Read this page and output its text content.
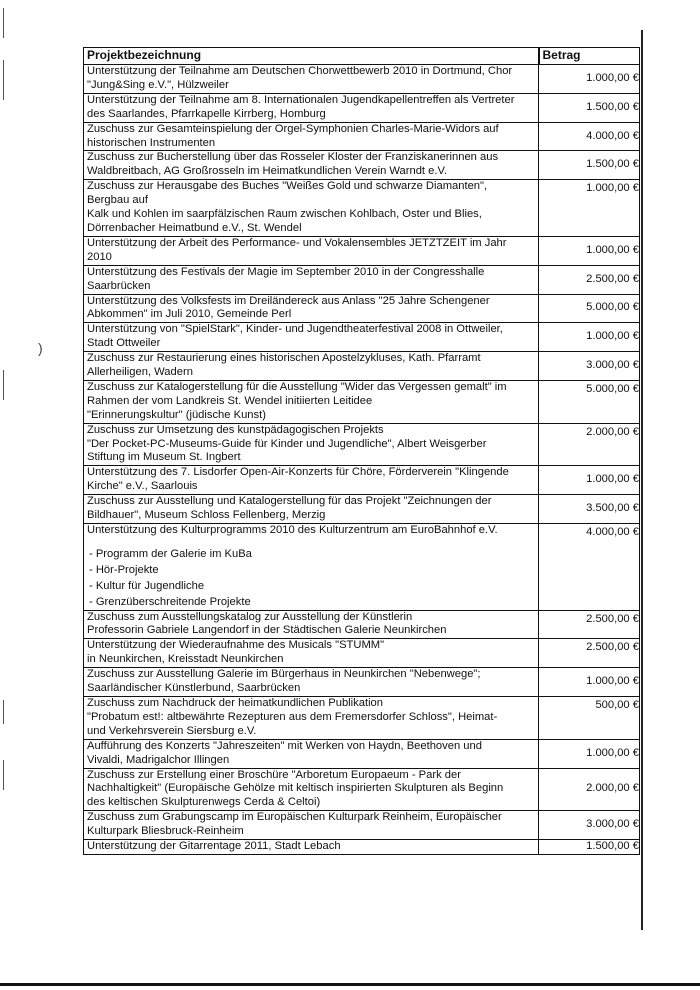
)
Projektbezeichnung	Betrag

Unterstützung der Teilnahme am Deutschen Chorwettbewerb 2010 in Dortmund, Chor
"Jung&Sing e.V.", Hülzweiler	1.000,00 €

Unterstützung der Teilnahme am 8. Internationalen Jugendkapellentreffen als Vertreter
des Saarlandes, Pfarrkapelle Kirrberg, Homburg	1.500,00 €

Zuschuss zur Gesamteinspielung der Orgel-Symphonien Charles-Marie-Widors auf
historischen Instrumenten	4.000,00 €

Zuschuss zur Bucherstellung über das Rosseler Kloster der Franziskanerinnen aus
Waldbreitbach, AG Großrosseln im Heimatkundlichen Verein Warndt e.V.	1.500,00 €

Zuschuss zur Herausgabe des Buches "Weißes Gold und schwarze Diamanten",
Bergbau auf
Kalk und Kohlen im saarpfälzischen Raum zwischen Kohlbach, Oster und Blies,
Dörrenbacher Heimatbund e.V., St. Wendel	1.000,00 €

Unterstützung der Arbeit des Performance- und Vokalensembles JETZTZEIT im Jahr
2010	1.000,00 €

Unterstützung des Festivals der Magie im September 2010 in der Congresshalle
Saarbrücken	2.500,00 €

Unterstützung des Volksfests im Dreiländereck aus Anlass "25 Jahre Schengener
Abkommen" im Juli 2010, Gemeinde Perl	5.000,00 €

Unterstützung von "SpielStark", Kinder- und Jugendtheaterfestival 2008 in Ottweiler,
Stadt Ottweiler	1.000,00 €

Zuschuss zur Restaurierung eines historischen Apostelzykluses, Kath. Pfarramt
Allerheiligen, Wadern	3.000,00 €

Zuschuss zur Katalogerstellung für die Ausstellung "Wider das Vergessen gemalt" im
Rahmen der vom Landkreis St. Wendel initiierten Leitidee
"Erinnerungskultur" (jüdische Kunst)	5.000,00 €

Zuschuss zur Umsetzung des kunstpädagogischen Projekts
"Der Pocket-PC-Museums-Guide für Kinder und Jugendliche", Albert Weisgerber
Stiftung im Museum St. Ingbert	2.000,00 €

Unterstützung des 7. Lisdorfer Open-Air-Konzerts für Chöre, Förderverein "Klingende
Kirche" e.V., Saarlouis	1.000,00 €

Zuschuss zur Ausstellung und Katalogerstellung für das Projekt "Zeichnungen der
Bildhauer", Museum Schloss Fellenberg, Merzig	3.500,00 €

Unterstützung des Kulturprogramms 2010 des Kulturzentrum am EuroBahnhof e.V.
- Programm der Galerie im KuBa
- Hör-Projekte
- Kultur für Jugendliche
- Grenzüberschreitende Projekte	4.000,00 €

Zuschuss zum Ausstellungskatalog zur Ausstellung der Künstlerin
Professorin Gabriele Langendorf in der Städtischen Galerie Neunkirchen	2.500,00 €

Unterstützung der Wiederaufnahme des Musicals "STUMM"
in Neunkirchen, Kreisstadt Neunkirchen	2.500,00 €

Zuschuss zur Ausstellung Galerie im Bürgerhaus in Neunkirchen "Nebenwege";
Saarländischer Künstlerbund, Saarbrücken	1.000,00 €

Zuschuss zum Nachdruck der heimatkundlichen Publikation
"Probatum est!: altbewährte Rezepturen aus dem Fremersdorfer Schloss", Heimat-
und Verkehrsverein Siersburg e.V.	500,00 €

Aufführung des Konzerts "Jahreszeiten" mit Werken von Haydn, Beethoven und
Vivaldi, Madrigalchor Illingen	1.000,00 €

Zuschuss zur Erstellung einer Broschüre "Arboretum Europaeum - Park der
Nachhaltigkeit" (Europäische Gehölze mit keltisch inspirierten Skulpturen als Beginn
des keltischen Skulpturenwegs Cerda & Celtoi)	2.000,00 €

Zuschuss zum Grabungscamp im Europäischen Kulturpark Reinheim, Europäischer
Kulturpark Bliesbruck-Reinheim	3.000,00 €

Unterstützung der Gitarrentage 2011, Stadt Lebach	1.500,00 €
